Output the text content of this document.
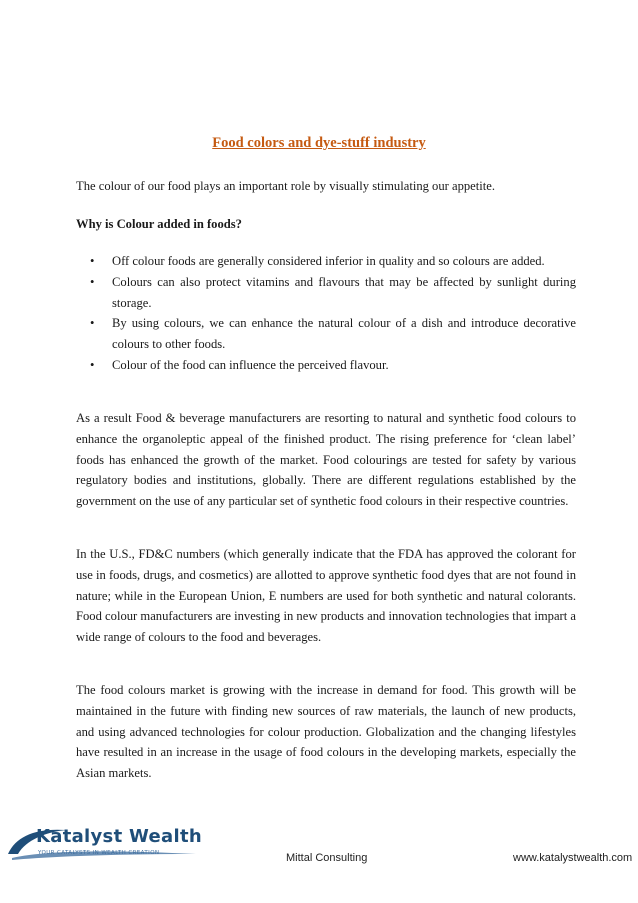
Food colors and dye-stuff industry

The colour of our food plays an important role by visually stimulating our appetite.

Why is Colour added in foods?

• Off colour foods are generally considered inferior in quality and so colours are added.
• Colours can also protect vitamins and flavours that may be affected by sunlight during storage.
• By using colours, we can enhance the natural colour of a dish and introduce decorative colours to other foods.
• Colour of the food can influence the perceived flavour.

As a result Food & beverage manufacturers are resorting to natural and synthetic food colours to enhance the organoleptic appeal of the finished product. The rising preference for ‘clean label’ foods has enhanced the growth of the market. Food colourings are tested for safety by various regulatory bodies and institutions, globally. There are different regulations established by the government on the use of any particular set of synthetic food colours in their respective countries.

In the U.S., FD&C numbers (which generally indicate that the FDA has approved the colorant for use in foods, drugs, and cosmetics) are allotted to approve synthetic food dyes that are not found in nature; while in the European Union, E numbers are used for both synthetic and natural colorants. Food colour manufacturers are investing in new products and innovation technologies that impart a wide range of colours to the food and beverages.

The food colours market is growing with the increase in demand for food. This growth will be maintained in the future with finding new sources of raw materials, the launch of new products, and using advanced technologies for colour production. Globalization and the changing lifestyles have resulted in an increase in the usage of food colours in the developing markets, especially the Asian markets.

Katalyst Wealth
YOUR CATALYSTS IN WEALTH CREATION	Mittal Consulting	www.katalystwealth.com
